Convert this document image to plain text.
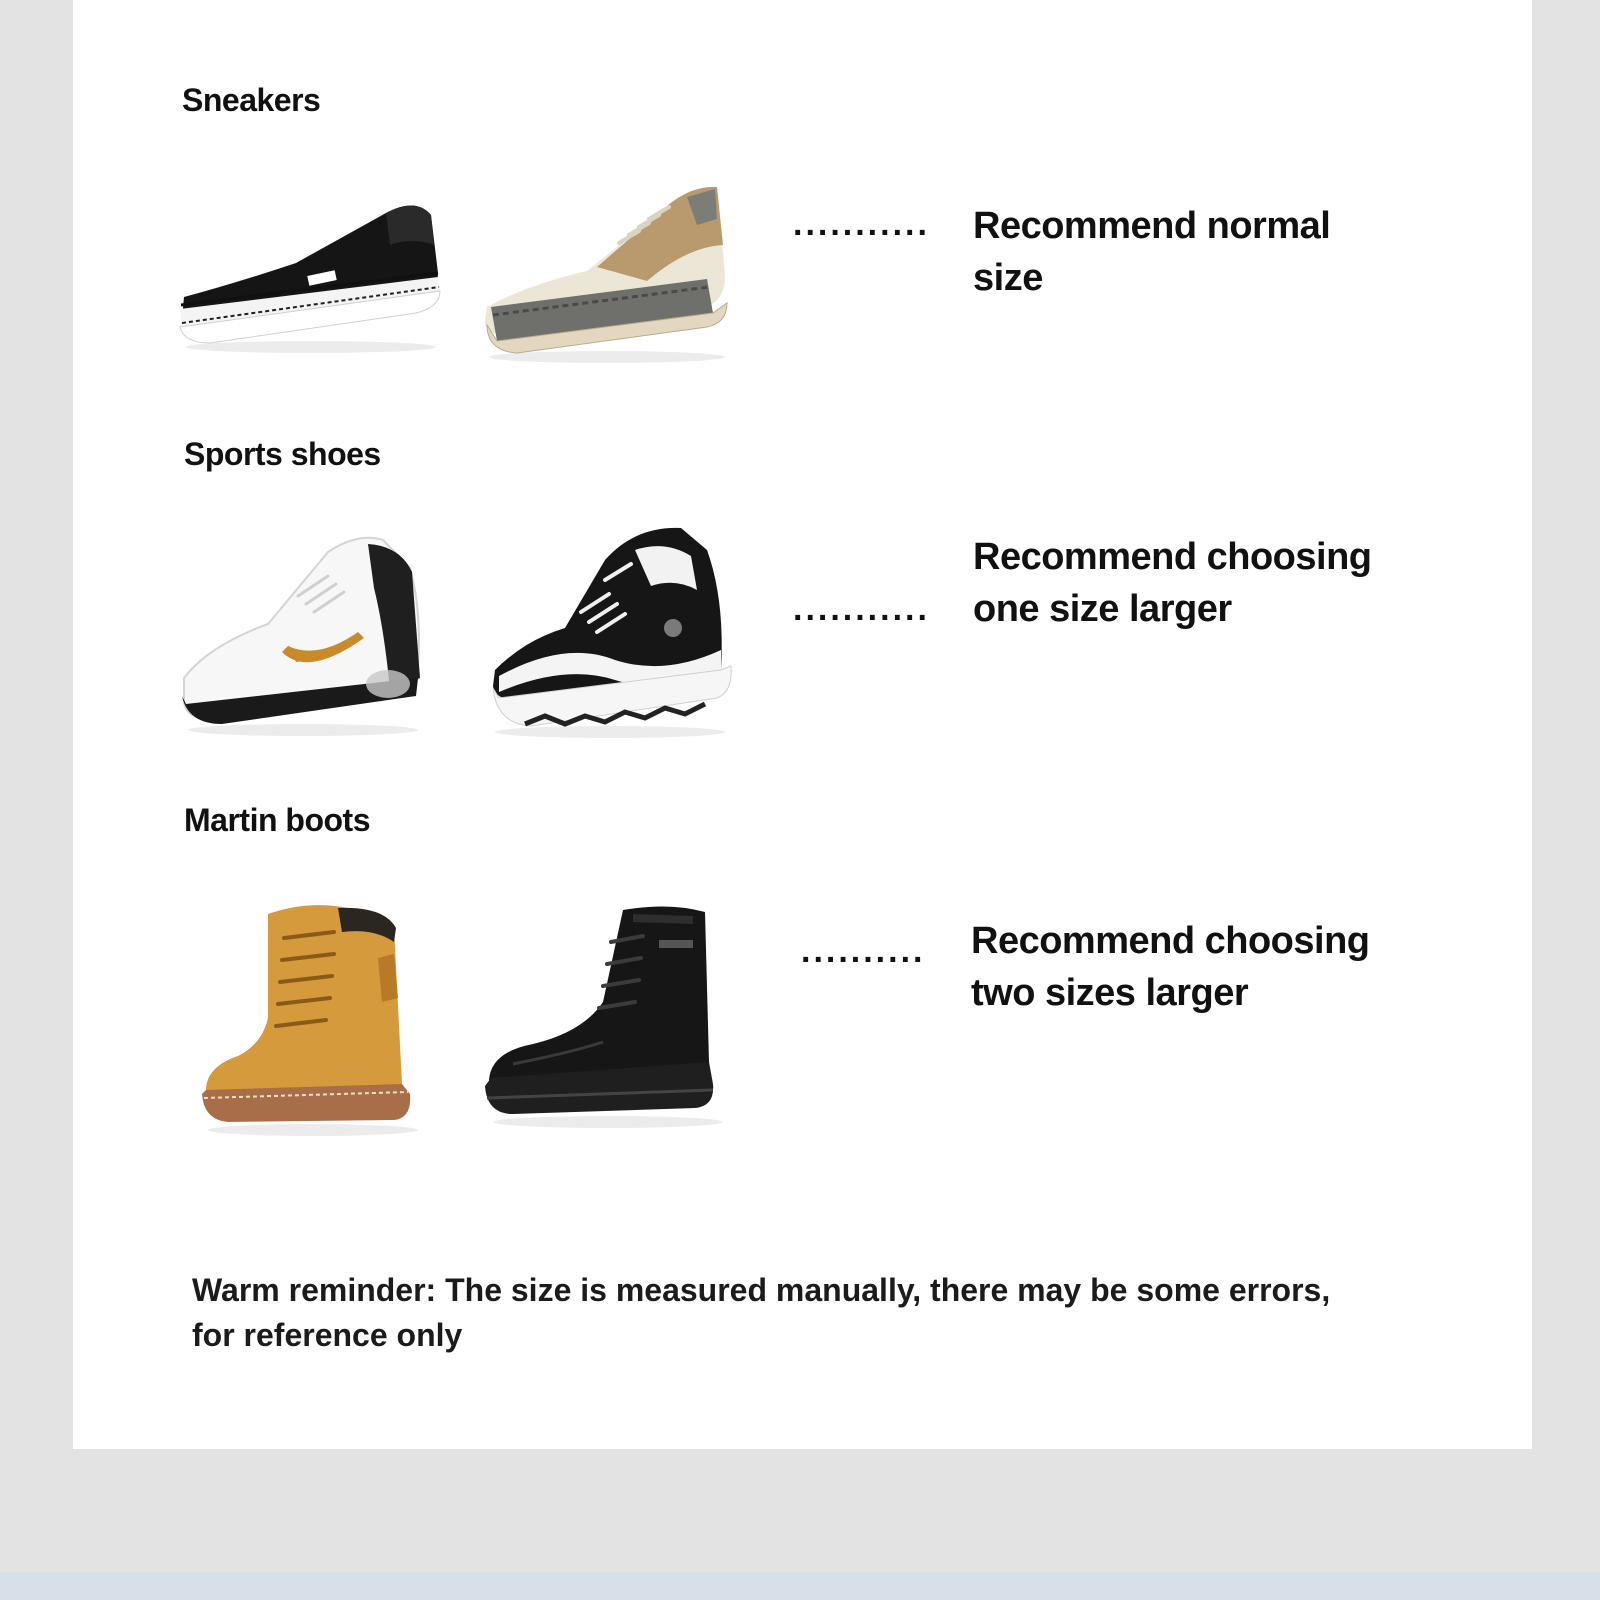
Sneakers
........... Recommend normal size
Sports shoes
...........
Recommend choosing one size larger
Martin boots
.......... Recommend choosing two sizes larger
Warm reminder: The size is measured manually, there may be some errors, for reference only
